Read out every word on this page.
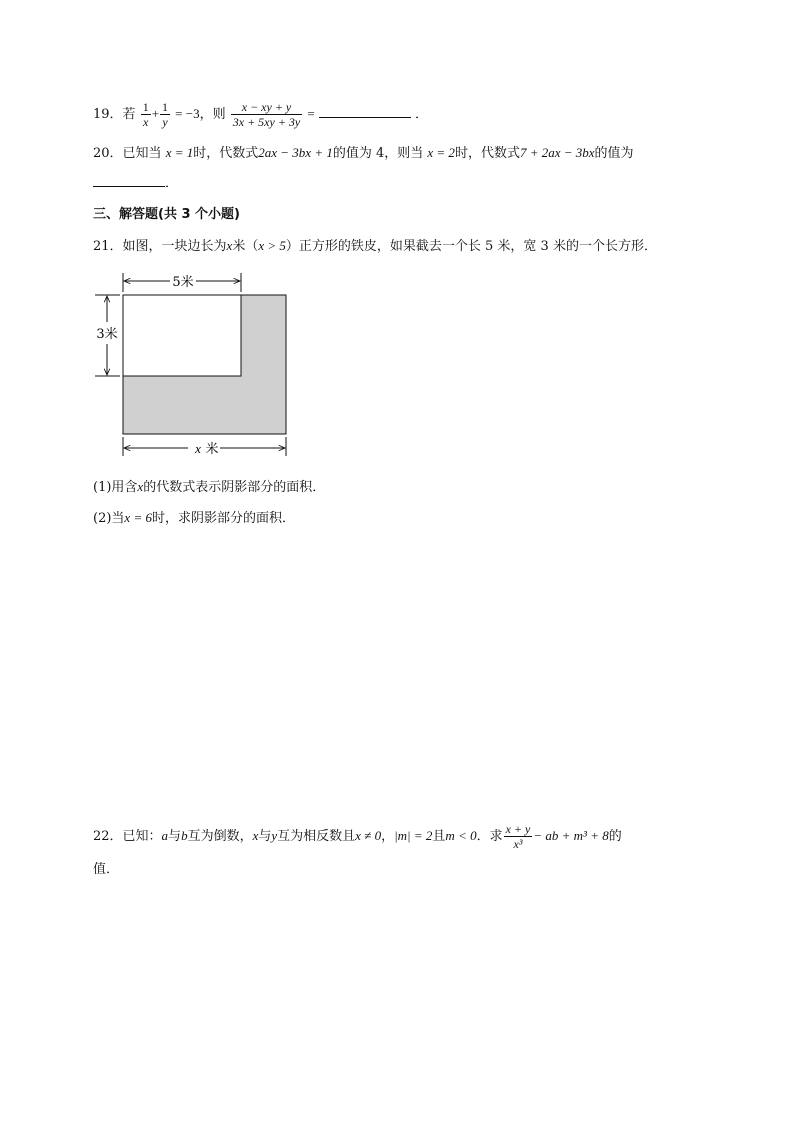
19．若 $\frac{1}{x} + \frac{1}{y} = -3$，则 $\frac{x - xy + y}{3x + 5xy + 3y}$ =	．
20．已知当 x = 1时，代数式2ax − 3bx + 1的值为 4，则当 x = 2时，代数式7 + 2ax − 3bx的值为
．
三、解答题(共 3 个小题)
21．如图，一块边长为x米（x > 5）正方形的铁皮，如果截去一个长 5 米，宽 3 米的一个长方形．
5米
3米
x 米
(1)用含x的代数式表示阴影部分的面积．
(2)当x = 6时，求阴影部分的面积．
22．已知：a与b互为倒数，x与y互为相反数且x ≠ 0，|m| = 2且m < 0．求 $\frac{x + y}{\text{x³}}$ − ab + m³ + 8的
值．
